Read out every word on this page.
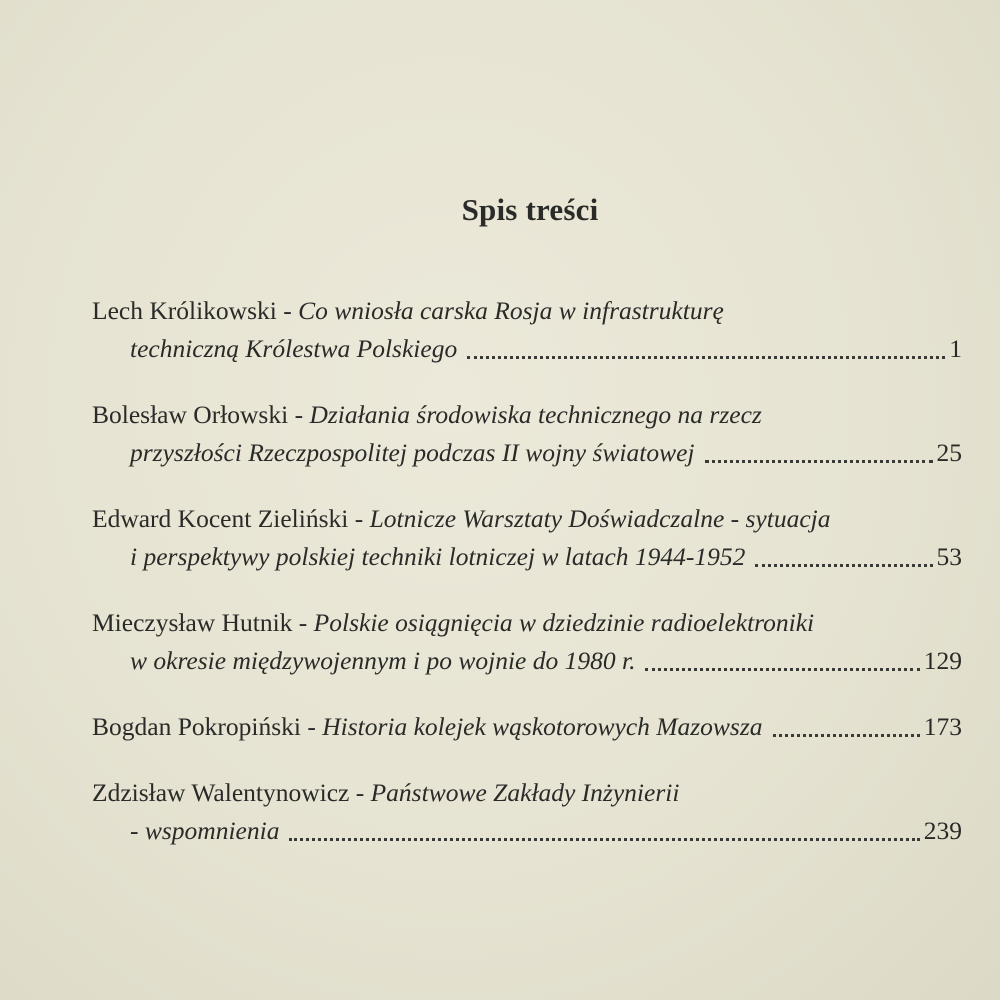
Spis treści
Lech Królikowski - Co wniosła carska Rosja w infrastrukturę
techniczną Królestwa Polskiego	1
Bolesław Orłowski - Działania środowiska technicznego na rzecz
przyszłości Rzeczpospolitej podczas II wojny światowej	25
Edward Kocent Zieliński - Lotnicze Warsztaty Doświadczalne - sytuacja
i perspektywy polskiej techniki lotniczej w latach 1944-1952	53
Mieczysław Hutnik - Polskie osiągnięcia w dziedzinie radioelektroniki
w okresie międzywojennym i po wojnie do 1980 r.	129
Bogdan Pokropiński - Historia kolejek wąskotorowych Mazowsza	173
Zdzisław Walentynowicz - Państwowe Zakłady Inżynierii
- wspomnienia	239
